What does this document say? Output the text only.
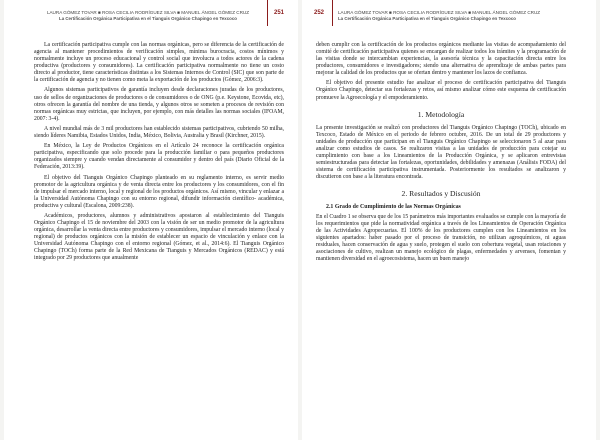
LAURA GÓMEZ TOVAR ■ ROSA CECILIA RODRÍGUEZ SILVA ■ MANUEL ÁNGEL GÓMEZ CRUZ
La Certificación Orgánica Participativa en el Tianguis Orgánico Chapingo en Texcoco
251

La certificación participativa cumple con las normas orgánicas, pero se diferencia de la certificación de agencia al mantener procedimientos de verificación simples, mínima burocracia, costos mínimos y normalmente incluye un proceso educacional y control social que involucra a todos actores de la cadena productiva (productores y consumidores). La certificación participativa normalmente no tiene un costo directo al productor, tiene características distintas a los Sistemas Internos de Control (SIC) que son parte de la certificación de agencia y no tienen como meta la exportación de los productos (Gómez, 2006:3).

Algunos sistemas participativos de garantía incluyen desde declaraciones juradas de los productores, uso de sellos de organizaciones de productores o de consumidores o de ONG (p.e. Keystone, Ecovida, etc), otros ofrecen la garantía del nombre de una tienda, y algunos otros se someten a procesos de revisión con normas orgánicas muy estrictas, que incluyen, por ejemplo, con más detalles las normas sociales (IFOAM, 2007: 3-4).

A nivel mundial más de 3 mil productores han establecido sistemas participativos, cubriendo 50 milha, siendo líderes Namibia, Estados Unidos, India, México, Bolivia, Australia y Brasil (Kirchner, 2015).

En México, la Ley de Productos Orgánicos en el Artículo 24 reconoce la certificación orgánica participativa, especificando que solo procede para la producción familiar o para pequeños productores organizados siempre y cuando vendan directamente al consumidor y dentro del país (Diario Oficial de la Federación, 2013:39).

El objetivo del Tianguis Orgánico Chapingo planteado en su reglamento interno, es servir medio promotor de la agricultura orgánica y de venta directa entre los productores y los consumidores, con el fin de impulsar el mercado interno, local y regional de los productos orgánicos. Así mismo, vincular y enlazar a la Universidad Autónoma Chapingo con su entorno regional, difundir información científico- académica, productiva y cultural (Escalona, 2009:238).

Académicos, productores, alumnos y administrativos apostaron al establecimiento del Tianguis Orgánico Chapingo el 15 de noviembre del 2003 con la visión de ser un medio promotor de la agricultura orgánica, desarrollar la venta directa entre productores y consumidores, impulsar el mercado interno (local y regional) de productos orgánicos con la misión de establecer un espacio de vinculación y enlace con la Universidad Autónoma Chapingo con el entorno regional (Gómez, et al., 2014:6). El Tianguis Orgánico Chapingo (TOCh) forma parte de la Red Mexicana de Tianguis y Mercados Orgánicos (REDAC) y está integrado por 29 productores que anualmente

252	LAURA GÓMEZ TOVAR ■ ROSA CECILIA RODRÍGUEZ SILVA ■ MANUEL ÁNGEL GÓMEZ CRUZ
La Certificación Orgánica Participativa en el Tianguis Orgánico Chapingo en Texcoco

deben cumplir con la certificación de los productos orgánicos mediante las visitas de acompañamiento del comité de certificación participativa quienes se encargan de realizar todos los trámites y la programación de las visitas donde se intercambian experiencias, la asesoría técnica y la capacitación directa entre los productores, consumidores e investigadores; siendo una alternativa de aprendizaje de ambas partes para mejorar la calidad de los productos que se ofertan dentro y mantener los lazos de confianza.

El objetivo del presente estudio fue analizar el proceso de certificación participativa del Tianguis Orgánico Chapingo, detectar sus fortalezas y retos, así mismo analizar cómo este esquema de certificación promueve la Agroecología y el empoderamiento.

1. Metodología

La presente investigación se realizó con productores del Tianguis Orgánico Chapingo (TOCh), ubicado en Texcoco, Estado de México en el periodo de febrero octubre, 2016. De un total de 29 productores y unidades de producción que participan en el Tianguis Orgánico Chapingo se seleccionaron 5 al azar para analizar como estudios de casos. Se realizaron visitas a las unidades de producción para cotejar su cumplimiento con base a los Lineamientos de la Producción Orgánica, y se aplicaron entrevistas semiestructuradas para detectar las fortalezas, oportunidades, debilidades y amenazas (Análisis FODA) del sistema de certificación participativa instrumentada. Posteriormente los resultados se analizaron y discutieron con base a la literatura encontrada.

2. Resultados y Discusión

2.1 Grado de Cumplimiento de las Normas Orgánicas

En el Cuadro 1 se observa que de los 15 parámetros más importantes evaluados se cumple con la mayoría de los requerimientos que pide la normatividad orgánica a través de los Lineamientos de Operación Orgánica de las Actividades Agropecuarias. El 100% de los productores cumplen con los Lineamientos en los siguientes apartados: haber pasado por el proceso de transición, no utilizan agroquímicos, ni aguas residuales, hacen conservación de agua y suelo, protegen el suelo con cobertura vegetal, usan rotaciones y asociaciones de cultivo, realizan un manejo ecológico de plagas, enfermedades y arvenses, fomentan y mantienen diversidad en el agroecosistema, hacen un buen manejo
